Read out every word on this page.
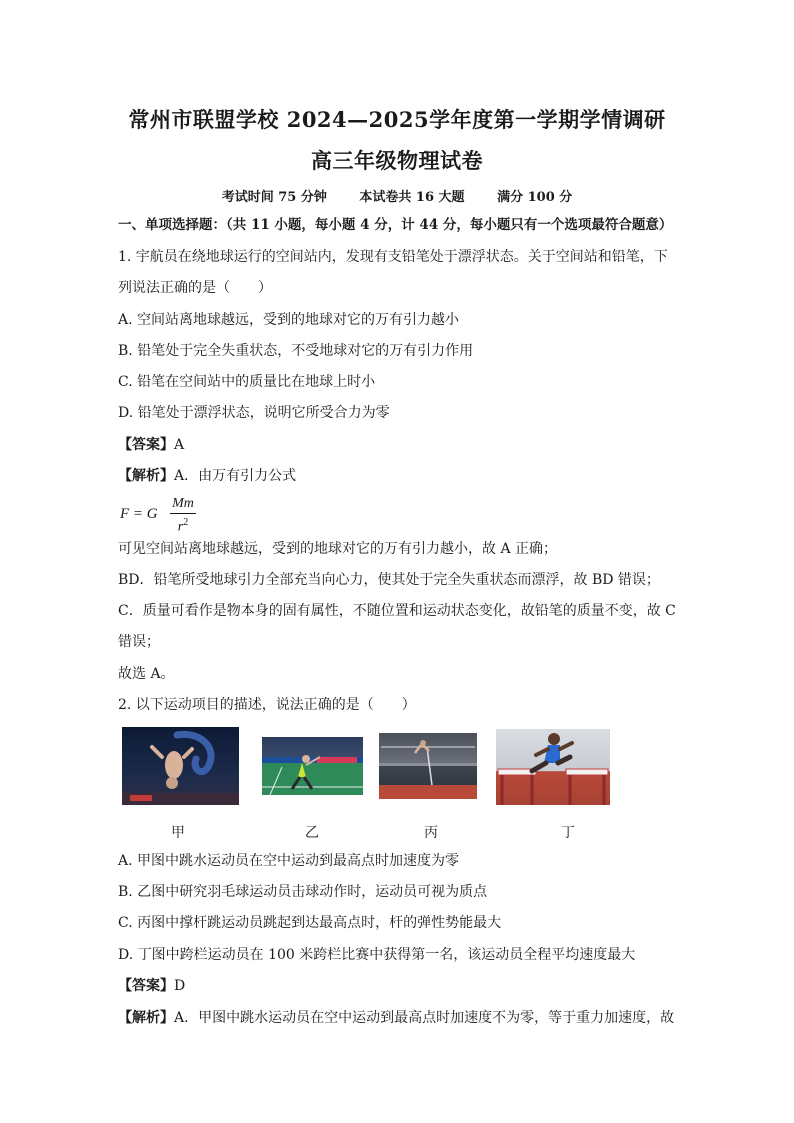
常州市联盟学校 2024—2025学年度第一学期学情调研
高三年级物理试卷
考试时间 75 分钟	本试卷共 16 大题	满分 100 分
一、单项选择题：（共 11 小题，每小题 4 分，计 44 分，每小题只有一个选项最符合题意）
1. 宇航员在绕地球运行的空间站内，发现有支铅笔处于漂浮状态。关于空间站和铅笔，下
列说法正确的是（　　）
A. 空间站离地球越远，受到的地球对它的万有引力越小
B. 铅笔处于完全失重状态，不受地球对它的万有引力作用
C. 铅笔在空间站中的质量比在地球上时小
D. 铅笔处于漂浮状态，说明它所受合力为零
【答案】A
【解析】A．由万有引力公式
F = G
Mm
$r^2$
可见空间站离地球越远，受到的地球对它的万有引力越小，故 A 正确；
BD．铅笔所受地球引力全部充当向心力，使其处于完全失重状态而漂浮，故 BD 错误；
C．质量可看作是物本身的固有属性，不随位置和运动状态变化，故铅笔的质量不变，故 C
错误；
故选 A。
2. 以下运动项目的描述，说法正确的是（　　）
甲	乙	丙	丁
A. 甲图中跳水运动员在空中运动到最高点时加速度为零
B. 乙图中研究羽毛球运动员击球动作时，运动员可视为质点
C. 丙图中撑杆跳运动员跳起到达最高点时，杆的弹性势能最大
D. 丁图中跨栏运动员在 100 米跨栏比赛中获得第一名，该运动员全程平均速度最大
【答案】D
【解析】A．甲图中跳水运动员在空中运动到最高点时加速度不为零，等于重力加速度，故
